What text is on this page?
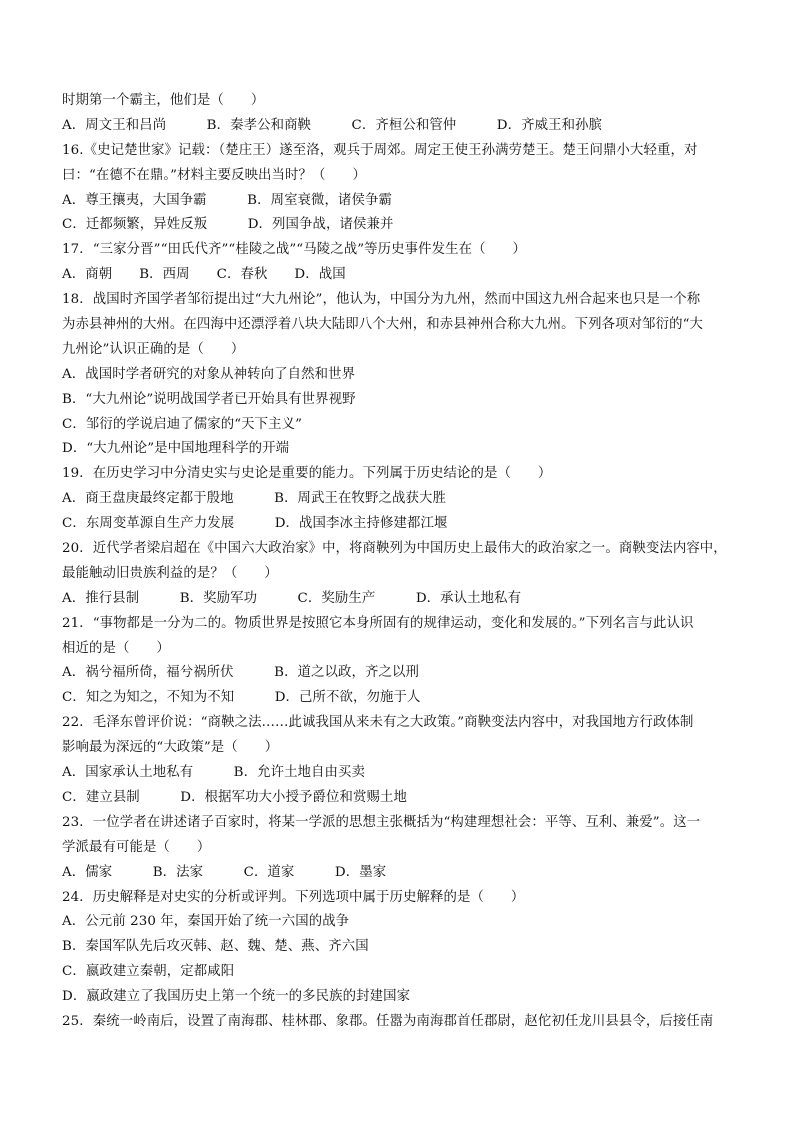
时期第一个霸主，他们是（　　）
A．周文王和吕尚　　　B．秦孝公和商鞅　　　C．齐桓公和管仲　　　D．齐威王和孙膑
16.《史记楚世家》记载：（楚庄王）遂至洛，观兵于周郊。周定王使王孙满劳楚王。楚王问鼎小大轻重，对
曰：“在德不在鼎。”材料主要反映出当时？（　　）
A．尊王攘夷，大国争霸　　　B．周室衰微，诸侯争霸
C．迁都频繁，异姓反叛　　　D．列国争战，诸侯兼并
17．“三家分晋”“田氏代齐”“桂陵之战”“马陵之战”等历史事件发生在（　　）
A．商朝　　B．西周　　C．春秋　　D．战国
18．战国时齐国学者邹衍提出过“大九州论”，他认为，中国分为九州，然而中国这九州合起来也只是一个称
为赤县神州的大州。在四海中还漂浮着八块大陆即八个大州，和赤县神州合称大九州。下列各项对邹衍的“大
九州论”认识正确的是（　　）
A．战国时学者研究的对象从神转向了自然和世界
B．“大九州论”说明战国学者已开始具有世界视野
C．邹衍的学说启迪了儒家的“天下主义”
D．“大九州论”是中国地理科学的开端
19．在历史学习中分清史实与史论是重要的能力。下列属于历史结论的是（　　）
A．商王盘庚最终定都于殷地　　　B．周武王在牧野之战获大胜
C．东周变革源自生产力发展　　　D．战国李冰主持修建都江堰
20．近代学者梁启超在《中国六大政治家》中，将商鞅列为中国历史上最伟大的政治家之一。商鞅变法内容中，
最能触动旧贵族利益的是？（　　）
A．推行县制　　　B．奖励军功　　　C．奖励生产　　　D．承认土地私有
21．“事物都是一分为二的。物质世界是按照它本身所固有的规律运动，变化和发展的。”下列名言与此认识
相近的是（　　）
A．祸兮福所倚，福兮祸所伏　　　B．道之以政，齐之以刑
C．知之为知之，不知为不知　　　D．己所不欲，勿施于人
22．毛泽东曾评价说：“商鞅之法……此诚我国从来未有之大政策。”商鞅变法内容中，对我国地方行政体制
影响最为深远的“大政策”是（　　）
A．国家承认土地私有　　　B．允许土地自由买卖
C．建立县制　　　D．根据军功大小授予爵位和赏赐土地
23．一位学者在讲述诸子百家时，将某一学派的思想主张概括为“构建理想社会：平等、互利、兼爱”。这一
学派最有可能是（　　）
A．儒家　　　B．法家　　　C．道家　　　D．墨家
24．历史解释是对史实的分析或评判。下列选项中属于历史解释的是（　　）
A．公元前 230 年，秦国开始了统一六国的战争
B．秦国军队先后攻灭韩、赵、魏、楚、燕、齐六国
C．嬴政建立秦朝，定都咸阳
D．嬴政建立了我国历史上第一个统一的多民族的封建国家
25．秦统一岭南后，设置了南海郡、桂林郡、象郡。任嚣为南海郡首任郡尉，赵佗初任龙川县县令，后接任南
